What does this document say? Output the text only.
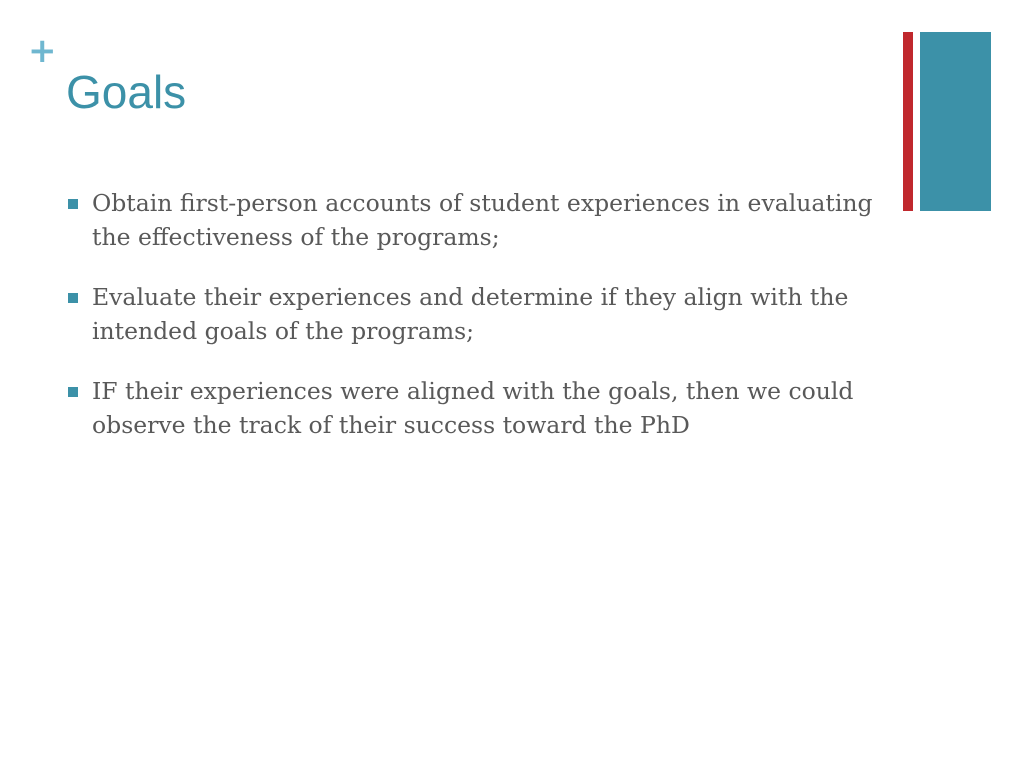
+
Goals
Obtain first-person accounts of student experiences in evaluating the effectiveness of the programs;
Evaluate their experiences and determine if they align with the intended goals of the programs;
IF their experiences were aligned with the goals, then we could observe the track of their success toward the PhD
